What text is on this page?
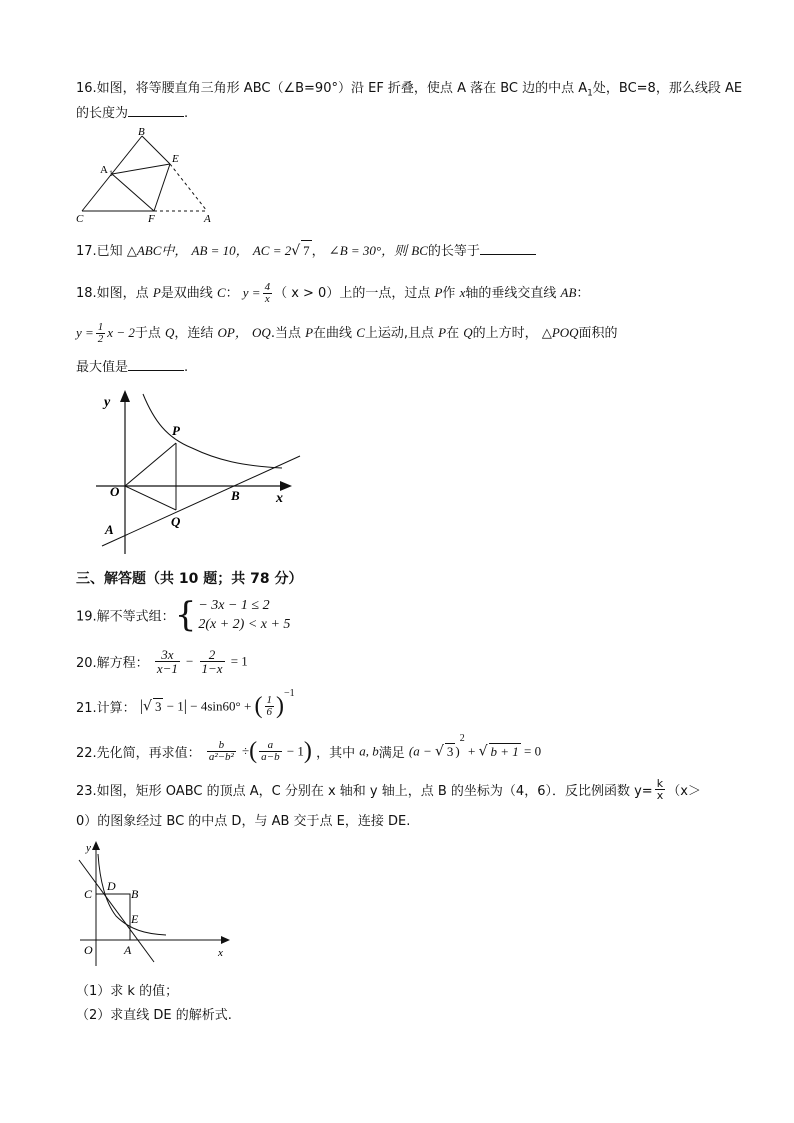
16.如图，将等腰直角三角形 ABC（∠B=90°）沿 EF 折叠，使点 A 落在 BC 边的中点 $A_1$处，BC=8，那么线段 AE
的长度为	.
B
E
A 1
C	F	A
17.已知 △ABC中， AB = 10， AC = 2√ 7 ， ∠B = 30°，则 BC的长等于
18.如图，点 P是双曲线 C： $y = \frac{4}{x}$ （ x > 0）上的一点，过点 P作 x轴的垂线交直线 AB：
$y = \frac{1}{2}$ x − 2于点 Q，连结 OP， OQ.当点 P在曲线 C上运动,且点 P在 Q的上方时， △POQ面积的
最大值是	.
y
P
O	B	x
A
Q
三、解答题（共 10 题；共 78 分）
19.解不等式组：{ − 3x − 1 ≤ 2
2(x + 2) < x + 5
20.解方程： $\frac{3x}{x-1} - \frac{2}{1-x} = 1$
21.计算： |√ 3 − 1| − 4sin60° + ( $\frac{1}{6} )^{-1}$
22.先化简，再求值： $\frac{b}{\text{a²−b²}}$ ÷( $\frac{a}{a-b} - 1$) ，其中 a, b满足 (a − √ 3 )$^2$ + √ b + 1 = 0
23.如图，矩形 OABC 的顶点 A，C 分别在 x 轴和 y 轴上，点 B 的坐标为（4，6）．反比例函数 $y= \frac{k}{x} (x>$
0）的图象经过 BC 的中点 D，与 AB 交于点 E，连接 DE.
y
C
D
B
E
O	A	x
（1）求 k 的值；
（2）求直线 DE 的解析式.
